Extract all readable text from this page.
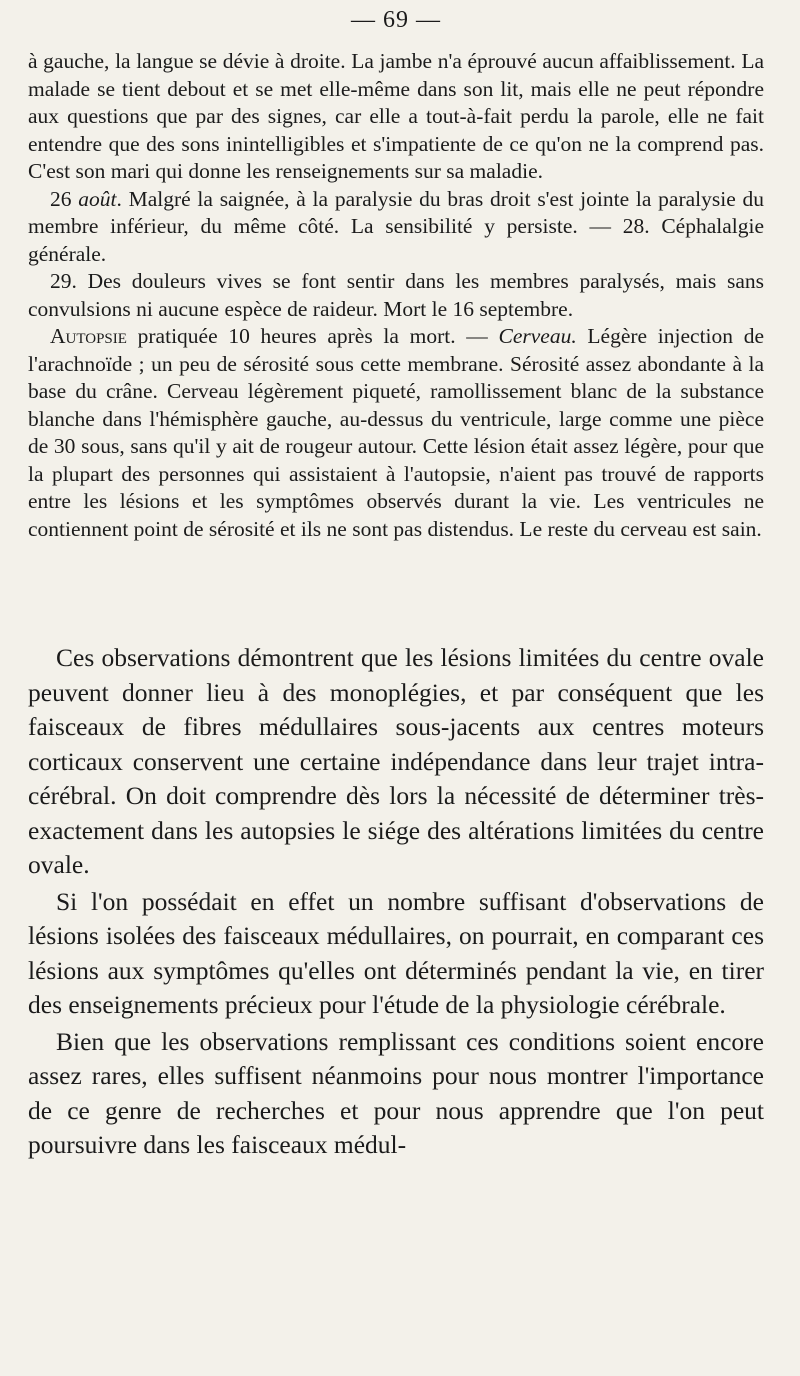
— 69 —

à gauche, la langue se dévie à droite. La jambe n'a éprouvé aucun affaiblissement. La malade se tient debout et se met elle-même dans son lit, mais elle ne peut répondre aux questions que par des signes, car elle a tout-à-fait perdu la parole, elle ne fait entendre que des sons inintelligibles et s'impatiente de ce qu'on ne la comprend pas. C'est son mari qui donne les renseignements sur sa maladie.

26 août. Malgré la saignée, à la paralysie du bras droit s'est jointe la paralysie du membre inférieur, du même côté. La sensibilité y persiste. — 28. Céphalalgie générale.

29. Des douleurs vives se font sentir dans les membres paralysés, mais sans convulsions ni aucune espèce de raideur. Mort le 16 septembre.

Autopsie pratiquée 10 heures après la mort. — Cerveau. Légère injection de l'arachnoïde ; un peu de sérosité sous cette membrane. Sérosité assez abondante à la base du crâne. Cerveau légèrement piqueté, ramollissement blanc de la substance blanche dans l'hémisphère gauche, au-dessus du ventricule, large comme une pièce de 30 sous, sans qu'il y ait de rougeur autour. Cette lésion était assez légère, pour que la plupart des personnes qui assistaient à l'autopsie, n'aient pas trouvé de rapports entre les lésions et les symptômes observés durant la vie. Les ventricules ne contiennent point de sérosité et ils ne sont pas distendus. Le reste du cerveau est sain.

Ces observations démontrent que les lésions limitées du centre ovale peuvent donner lieu à des monoplégies, et par conséquent que les faisceaux de fibres médullaires sous-jacents aux centres moteurs corticaux conservent une certaine indépendance dans leur trajet intra-cérébral. On doit comprendre dès lors la nécessité de déterminer très-exactement dans les autopsies le siége des altérations limitées du centre ovale.

Si l'on possédait en effet un nombre suffisant d'observations de lésions isolées des faisceaux médullaires, on pourrait, en comparant ces lésions aux symptômes qu'elles ont déterminés pendant la vie, en tirer des enseignements précieux pour l'étude de la physiologie cérébrale.

Bien que les observations remplissant ces conditions soient encore assez rares, elles suffisent néanmoins pour nous montrer l'importance de ce genre de recherches et pour nous apprendre que l'on peut poursuivre dans les faisceaux médul-
